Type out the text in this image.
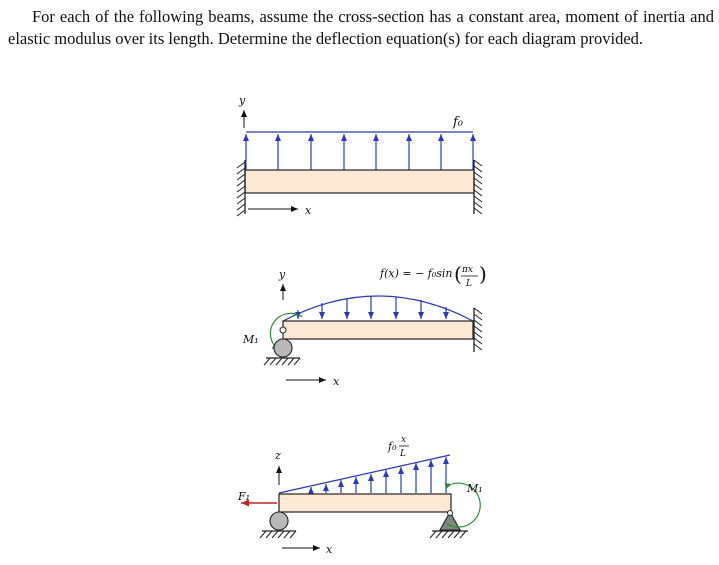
For each of the following beams, assume the cross-section has a constant area, moment of inertia and elastic modulus over its length. Determine the deflection equation(s) for each diagram provided.
y
x
f₀
y
x
f(x) = − f₀sin ( πx
L )
M₁
z
x
f₀ x
L
F₁
M₁
